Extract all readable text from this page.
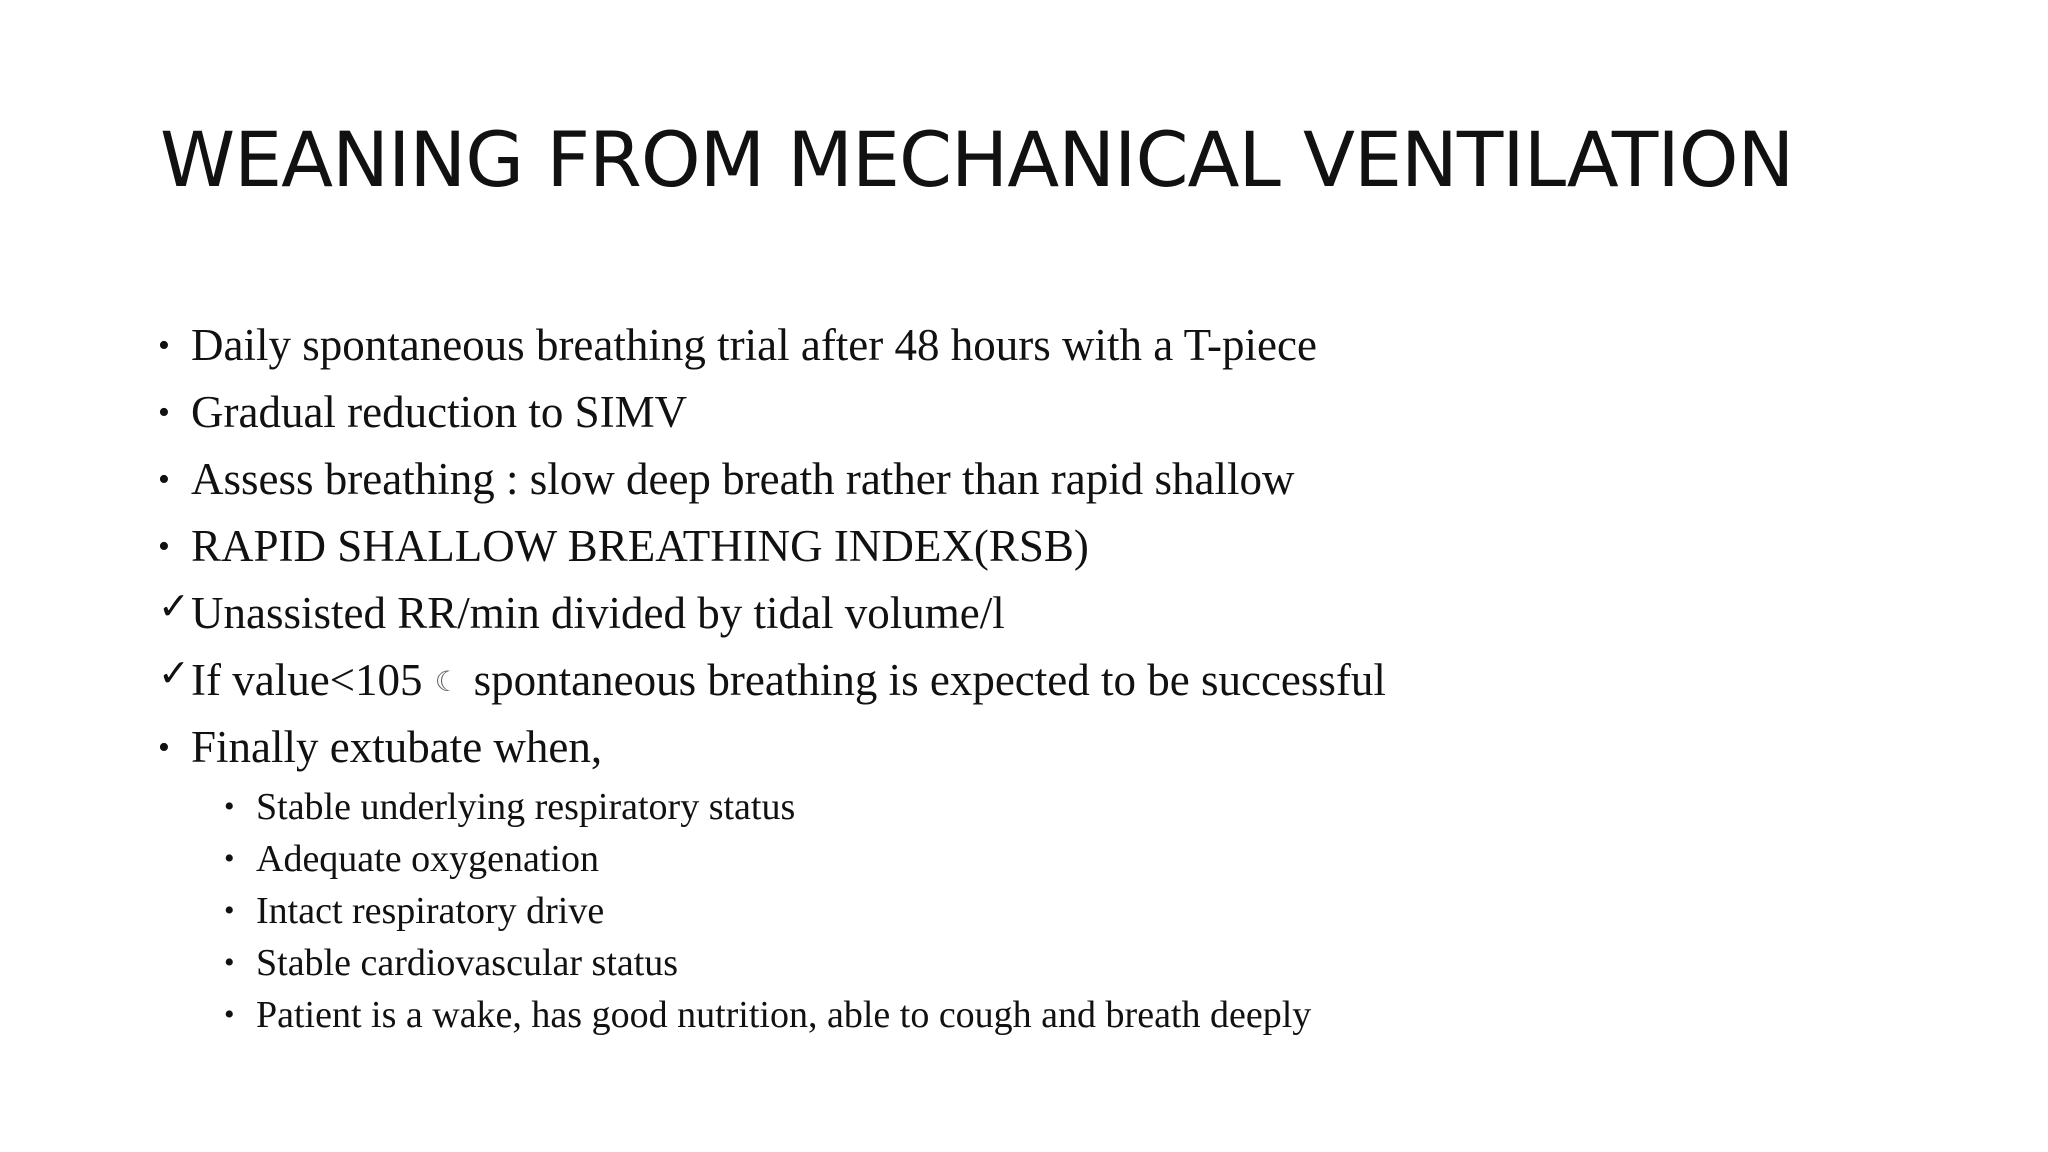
WEANING FROM MECHANICAL VENTILATION
• Daily spontaneous breathing trial after 48 hours with a T-piece
• Gradual reduction to SIMV
• Assess breathing : slow deep breath rather than rapid shallow
• RAPID SHALLOW BREATHING INDEX(RSB)
✓ Unassisted RR/min divided by tidal volume/l
✓ If value<105 ☾ spontaneous breathing is expected to be successful
• Finally extubate when,
• Stable underlying respiratory status
• Adequate oxygenation
• Intact respiratory drive
• Stable cardiovascular status
• Patient is a wake, has good nutrition, able to cough and breath deeply
